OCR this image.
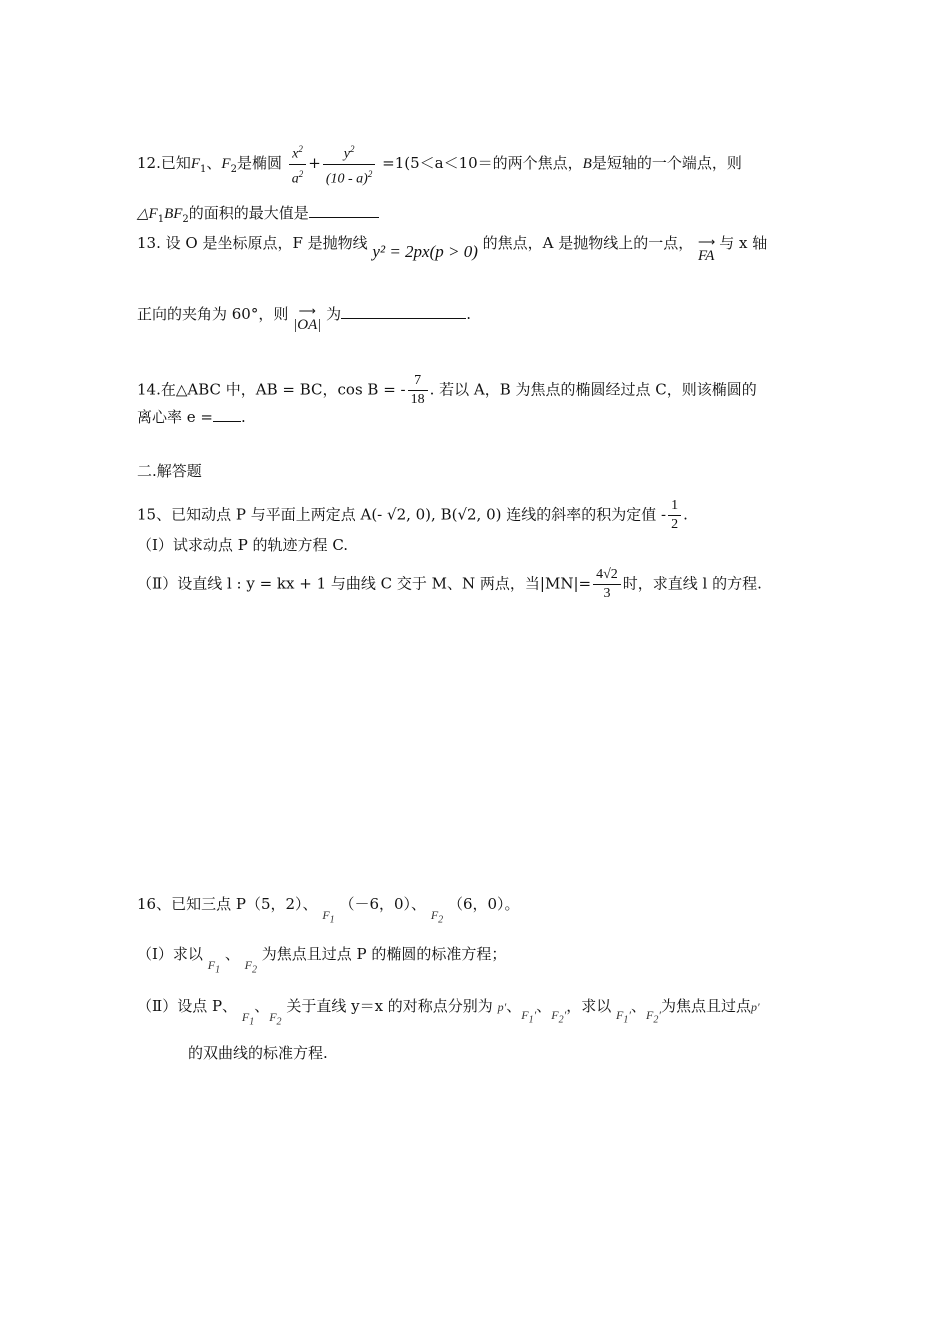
12.已知$F_1$、$F_2$是椭圆 $\frac{x^2}{a^2} + \frac{y^2}{(10 - a)^2} =1(5<a<10=$的两个焦点，B是短轴的一个端点，则
$\triangle F_1BF_2$的面积的最大值是
13. 设 O 是坐标原点，F 是抛物线 y² = 2px(p > 0) 的焦点，A 是抛物线上的一点， ⟶ FA 与 x 轴
正向的夹角为 60°，则 ⟶ |OA| 为	.
14.在△ABC 中，AB = BC，cos B = - $\frac{7}{18}$ . 若以 A，B 为焦点的椭圆经过点 C，则该椭圆的
离心率 e = .
二.解答题
15、已知动点 P 与平面上两定点 A(- √2, 0), B(√2, 0) 连线的斜率的积为定值 - $\frac{1}{2}$ .
（Ⅰ）试求动点 P 的轨迹方程 C.
（Ⅱ）设直线 l : y = kx + 1 与曲线 C 交于 M、N 两点，当$|MN|= \frac{4√2}{3}$ 时，求直线 l 的方程.
16、已知三点 P（5，2）、 $_{F_1}$ （－6，0）、 $_{F_2}$ （6，0）。
（Ⅰ）求以 $_{F_1}$ 、 $_{F_2}$ 为焦点且过点 P 的椭圆的标准方程；
（Ⅱ）设点 P、 $_{F_1}$、$_{F_2}$ 关于直线 y＝x 的对称点分别为 p′、$_{F_1'}$、$_{F_2'}$，求以 $_{F_1'}$、$_{F_2'}$为焦点且过点p′
的双曲线的标准方程.
